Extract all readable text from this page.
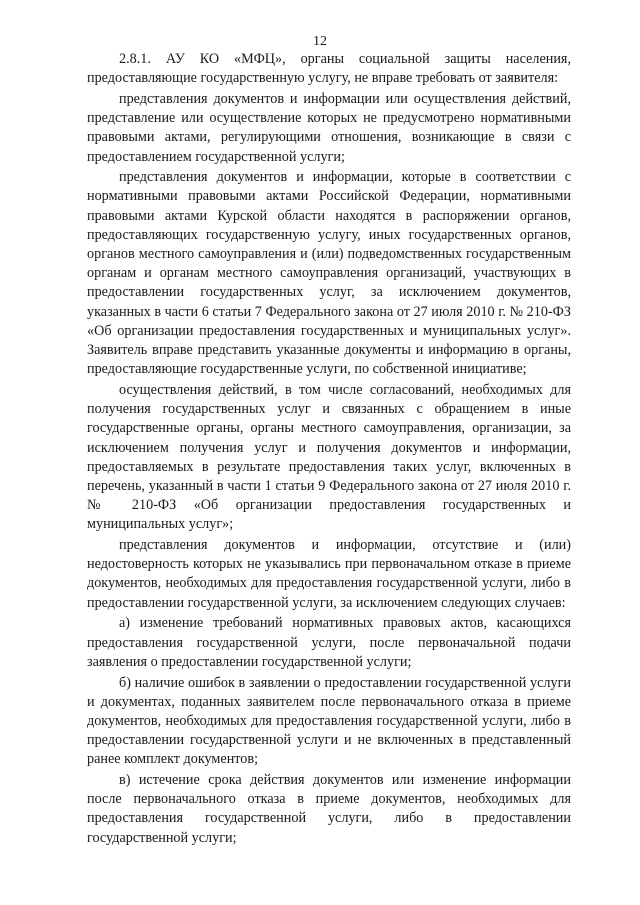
12

2.8.1. АУ КО «МФЦ», органы социальной защиты населения, предоставляющие государственную услугу, не вправе требовать от заявителя:

представления документов и информации или осуществления действий, представление или осуществление которых не предусмотрено нормативными правовыми актами, регулирующими отношения, возникающие в связи с предоставлением государственной услуги;

представления документов и информации, которые в соответствии с нормативными правовыми актами Российской Федерации, нормативными правовыми актами Курской области находятся в распоряжении органов, предоставляющих государственную услугу, иных государственных органов, органов местного самоуправления и (или) подведомственных государственным органам и органам местного самоуправления организаций, участвующих в предоставлении государственных услуг, за исключением документов, указанных в части 6 статьи 7 Федерального закона от 27 июля 2010 г. № 210-ФЗ «Об организации предоставления государственных и муниципальных услуг». Заявитель вправе представить указанные документы и информацию в органы, предоставляющие государственные услуги, по собственной инициативе;

осуществления действий, в том числе согласований, необходимых для получения государственных услуг и связанных с обращением в иные государственные органы, органы местного самоуправления, организации, за исключением получения услуг и получения документов и информации, предоставляемых в результате предоставления таких услуг, включенных в перечень, указанный в части 1 статьи 9 Федерального закона от 27 июля 2010 г. № 210-ФЗ «Об организации предоставления государственных и муниципальных услуг»;

представления документов и информации, отсутствие и (или) недостоверность которых не указывались при первоначальном отказе в приеме документов, необходимых для предоставления государственной услуги, либо в предоставлении государственной услуги, за исключением следующих случаев:

а) изменение требований нормативных правовых актов, касающихся предоставления государственной услуги, после первоначальной подачи заявления о предоставлении государственной услуги;

б) наличие ошибок в заявлении о предоставлении государственной услуги и документах, поданных заявителем после первоначального отказа в приеме документов, необходимых для предоставления государственной услуги, либо в предоставлении государственной услуги и не включенных в представленный ранее комплект документов;

в) истечение срока действия документов или изменение информации после первоначального отказа в приеме документов, необходимых для предоставления государственной услуги, либо в предоставлении государственной услуги;
